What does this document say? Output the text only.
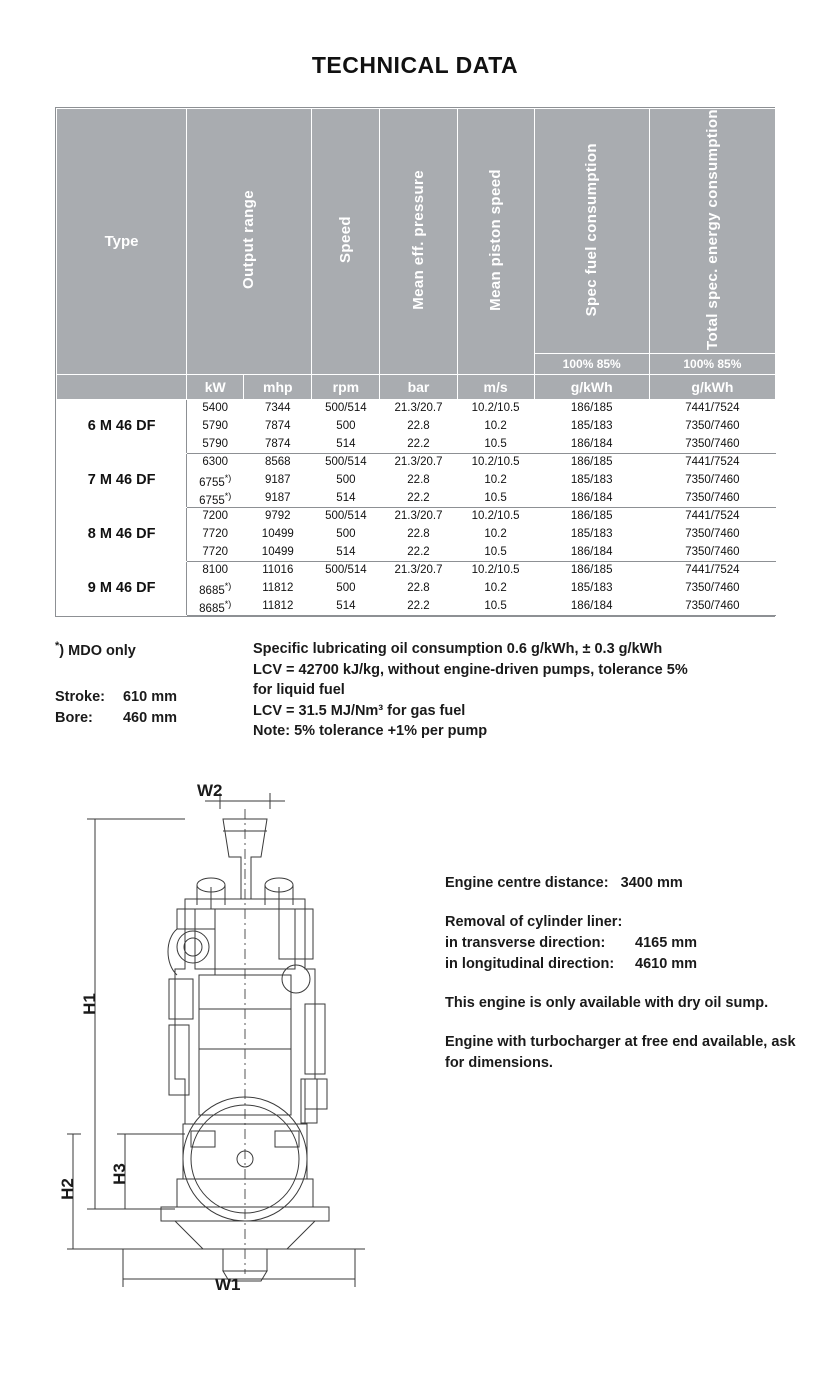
TECHNICAL DATA
Type	Output range		Speed	Mean eff. pressure	Mean piston speed	Spec fuel consumption	Total spec. energy consumption
						100% 85%	100% 85%
	kW	mhp	rpm	bar	m/s	g/kWh	g/kWh
6 M 46 DF	5400	7344	500/514	21.3/20.7	10.2/10.5	186/185	7441/7524
	5790	7874	500	22.8	10.2	185/183	7350/7460
	5790	7874	514	22.2	10.5	186/184	7350/7460
7 M 46 DF	6300	8568	500/514	21.3/20.7	10.2/10.5	186/185	7441/7524
	6755*)	9187	500	22.8	10.2	185/183	7350/7460
	6755*)	9187	514	22.2	10.5	186/184	7350/7460
8 M 46 DF	7200	9792	500/514	21.3/20.7	10.2/10.5	186/185	7441/7524
	7720	10499	500	22.8	10.2	185/183	7350/7460
	7720	10499	514	22.2	10.5	186/184	7350/7460
9 M 46 DF	8100	11016	500/514	21.3/20.7	10.2/10.5	186/185	7441/7524
	8685*)	11812	500	22.8	10.2	185/183	7350/7460
	8685*)	11812	514	22.2	10.5	186/184	7350/7460
*) MDO only
Stroke: 610 mm
Bore: 460 mm
Specific lubricating oil consumption 0.6 g/kWh, ± 0.3 g/kWh
LCV = 42700 kJ/kg, without engine-driven pumps, tolerance 5%
for liquid fuel
LCV = 31.5 MJ/Nm³ for gas fuel
Note: 5% tolerance +1% per pump
W2
W1
H1
H2
H3

Engine centre distance: 3400 mm

Removal of cylinder liner:
in transverse direction: 4165 mm
in longitudinal direction: 4610 mm

This engine is only available with dry oil sump.

Engine with turbocharger at free end available, ask for dimensions.
